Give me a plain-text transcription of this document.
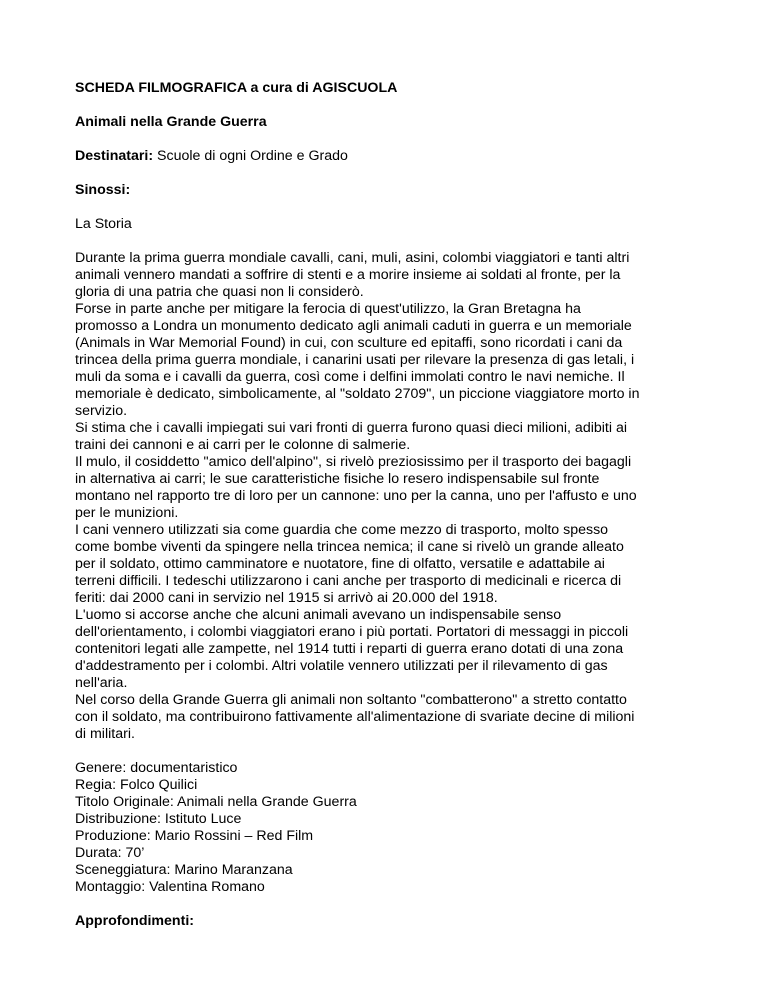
SCHEDA FILMOGRAFICA a cura di AGISCUOLA

Animali nella Grande Guerra

Destinatari: Scuole di ogni Ordine e Grado

Sinossi:

La Storia

Durante la prima guerra mondiale cavalli, cani, muli, asini, colombi viaggiatori e tanti altri
animali vennero mandati a soffrire di stenti e a morire insieme ai soldati al fronte, per la
gloria di una patria che quasi non li considerò.
Forse in parte anche per mitigare la ferocia di quest'utilizzo, la Gran Bretagna ha
promosso a Londra un monumento dedicato agli animali caduti in guerra e un memoriale
(Animals in War Memorial Found) in cui, con sculture ed epitaffi, sono ricordati i cani da
trincea della prima guerra mondiale, i canarini usati per rilevare la presenza di gas letali, i
muli da soma e i cavalli da guerra, così come i delfini immolati contro le navi nemiche. Il
memoriale è dedicato, simbolicamente, al "soldato 2709", un piccione viaggiatore morto in
servizio.
Si stima che i cavalli impiegati sui vari fronti di guerra furono quasi dieci milioni, adibiti ai
traini dei cannoni e ai carri per le colonne di salmerie.
Il mulo, il cosiddetto "amico dell'alpino", si rivelò preziosissimo per il trasporto dei bagagli
in alternativa ai carri; le sue caratteristiche fisiche lo resero indispensabile sul fronte
montano nel rapporto tre di loro per un cannone: uno per la canna, uno per l'affusto e uno
per le munizioni.
I cani vennero utilizzati sia come guardia che come mezzo di trasporto, molto spesso
come bombe viventi da spingere nella trincea nemica; il cane si rivelò un grande alleato
per il soldato, ottimo camminatore e nuotatore, fine di olfatto, versatile e adattabile ai
terreni difficili. I tedeschi utilizzarono i cani anche per trasporto di medicinali e ricerca di
feriti: dai 2000 cani in servizio nel 1915 si arrivò ai 20.000 del 1918.
L'uomo si accorse anche che alcuni animali avevano un indispensabile senso
dell'orientamento, i colombi viaggiatori erano i più portati. Portatori di messaggi in piccoli
contenitori legati alle zampette, nel 1914 tutti i reparti di guerra erano dotati di una zona
d'addestramento per i colombi. Altri volatile vennero utilizzati per il rilevamento di gas
nell'aria.
Nel corso della Grande Guerra gli animali non soltanto "combatterono" a stretto contatto
con il soldato, ma contribuirono fattivamente all'alimentazione di svariate decine di milioni
di militari.
Genere: documentaristico
Regia: Folco Quilici
Titolo Originale: Animali nella Grande Guerra
Distribuzione: Istituto Luce
Produzione: Mario Rossini – Red Film
Durata: 70’
Sceneggiatura: Marino Maranzana
Montaggio: Valentina Romano

Approfondimenti:
